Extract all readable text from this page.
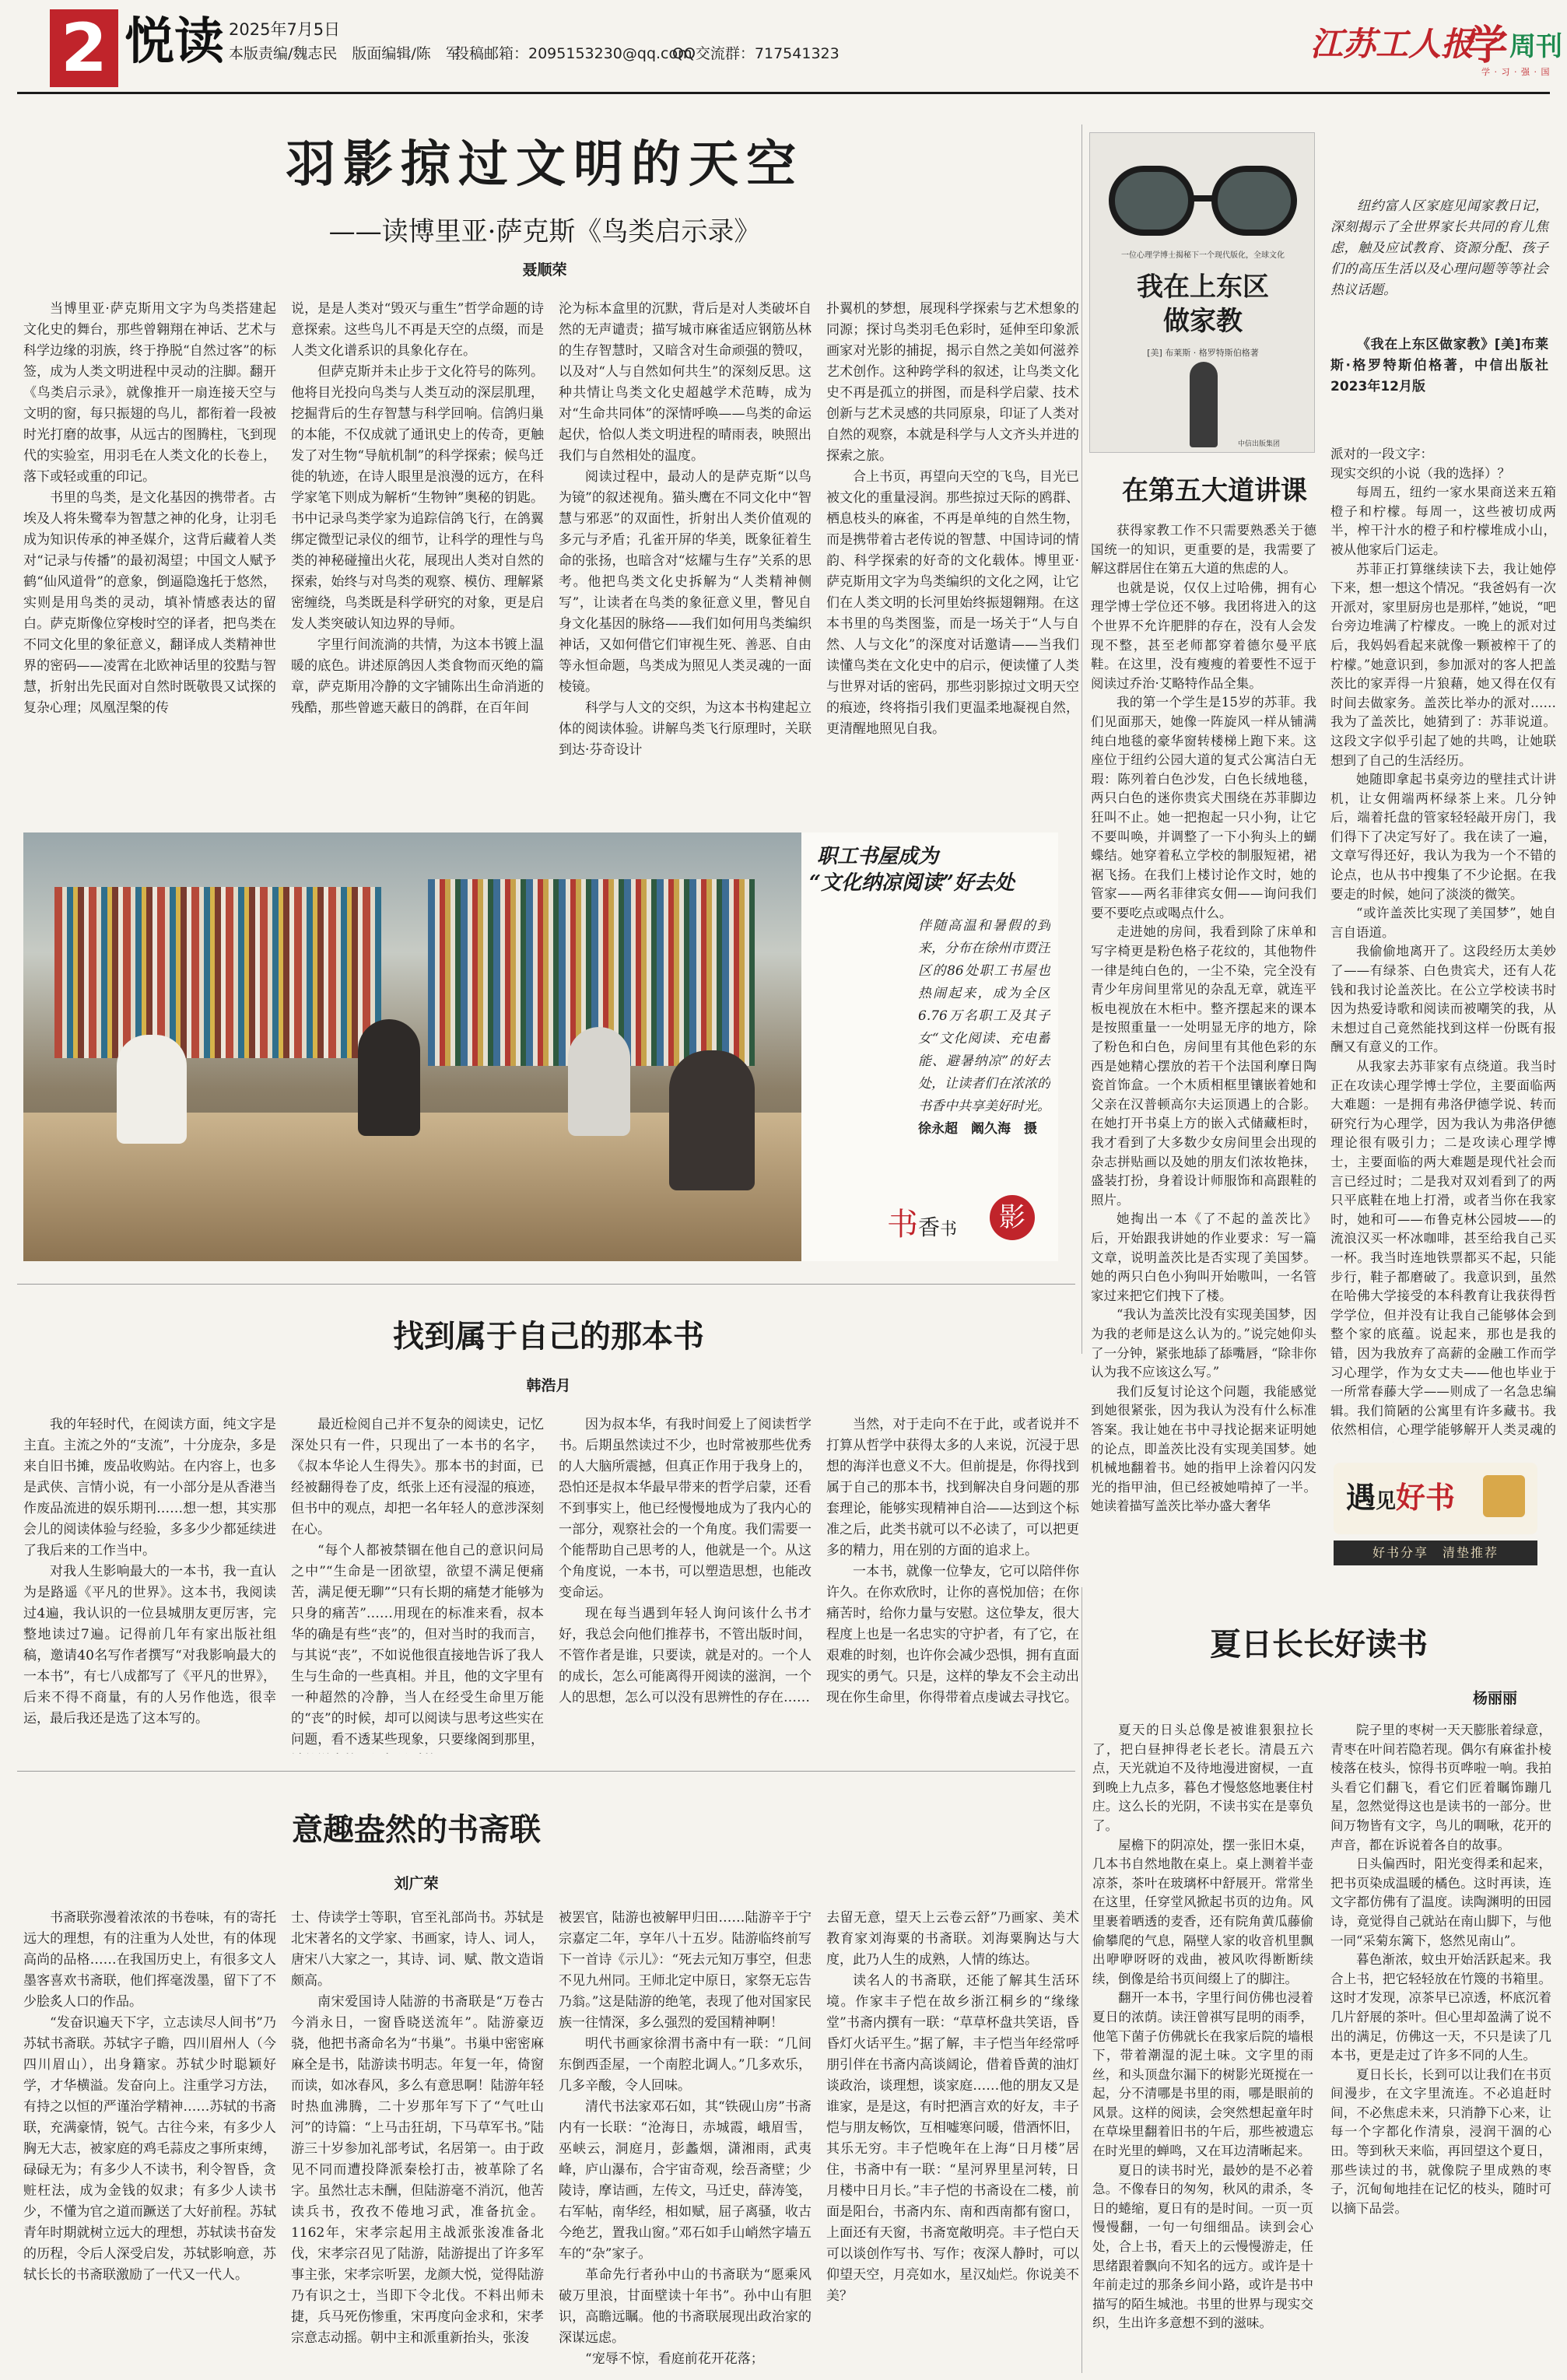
2 悦读 2025年7月5日
本版责编/魏志民　版面编辑/陈　军
投稿邮箱：2095153230@qq.com
QQ交流群：717541323	江苏工人报
学 周刊
学 · 习 · 强 · 国
羽影掠过文明的天空
——读博里亚·萨克斯《鸟类启示录》
聂顺荣

当博里亚·萨克斯用文字为鸟类搭建起文化史的舞台，那些曾翱翔在神话、艺术与科学边缘的羽族，终于挣脱“自然过客”的标签，成为人类文明进程中灵动的注脚。翻开《鸟类启示录》，就像推开一扇连接天空与文明的窗，每只振翅的鸟儿，都衔着一段被时光打磨的故事，从远古的图腾柱，飞到现代的实验室，用羽毛在人类文化的长卷上，落下或轻或重的印记。

书里的鸟类，是文化基因的携带者。古埃及人将朱鹭奉为智慧之神的化身，让羽毛成为知识传承的神圣媒介，这背后藏着人类对“记录与传播”的最初渴望；中国文人赋予鹤“仙风道骨”的意象，倒逼隐逸托于悠然，实则是用鸟类的灵动，填补情感表达的留白。萨克斯像位穿梭时空的译者，把鸟类在不同文化里的象征意义，翻译成人类精神世界的密码——凌霄在北欧神话里的狡黠与智慧，折射出先民面对自然时既敬畏又试探的复杂心理；凤凰涅槃的传

说，是是人类对“毁灭与重生”哲学命题的诗意探索。这些鸟儿不再是天空的点缀，而是人类文化谱系识的具象化存在。

但萨克斯并未止步于文化符号的陈列。他将目光投向鸟类与人类互动的深层肌理，挖掘背后的生存智慧与科学回响。信鸽归巢的本能，不仅成就了通讯史上的传奇，更触发了对生物“导航机制”的科学探索；候鸟迁徙的轨迹，在诗人眼里是浪漫的远方，在科学家笔下则成为解析“生物钟”奥秘的钥匙。书中记录鸟类学家为追踪信鸽飞行，在鸽翼绑定微型记录仪的细节，让科学的理性与鸟类的神秘碰撞出火花，展现出人类对自然的探索，始终与对鸟类的观察、模仿、理解紧密缠绕，鸟类既是科学研究的对象，更是启发人类突破认知边界的导师。

字里行间流淌的共情，为这本书镀上温暖的底色。讲述原鸽因人类食物而灭绝的篇章，萨克斯用冷静的文字铺陈出生命消逝的残酷，那些曾遮天蔽日的鸽群，在百年间

沦为标本盒里的沉默，背后是对人类破坏自然的无声谴责；描写城市麻雀适应钢筋丛林的生存智慧时，又暗含对生命顽强的赞叹，以及对“人与自然如何共生”的深刻反思。这种共情让鸟类文化史超越学术范畴，成为对“生命共同体”的深情呼唤——鸟类的命运起伏，恰似人类文明进程的晴雨表，映照出我们与自然相处的温度。

阅读过程中，最动人的是萨克斯“以鸟为镜”的叙述视角。猫头鹰在不同文化中“智慧与邪恶”的双面性，折射出人类价值观的多元与矛盾；孔雀开屏的华美，既象征着生命的张扬，也暗含对“炫耀与生存”关系的思考。他把鸟类文化史拆解为“人类精神侧写”，让读者在鸟类的象征意义里，瞥见自身文化基因的脉络——我们如何用鸟类编织神话，又如何借它们审视生死、善恶、自由等永恒命题，鸟类成为照见人类灵魂的一面棱镜。

科学与人文的交织，为这本书构建起立体的阅读体验。讲解鸟类飞行原理时，关联到达·芬奇设计

扑翼机的梦想，展现科学探索与艺术想象的同源；探讨鸟类羽毛色彩时，延伸至印象派画家对光影的捕捉，揭示自然之美如何滋养艺术创作。这种跨学科的叙述，让鸟类文化史不再是孤立的拼图，而是科学启蒙、技术创新与艺术灵感的共同原泉，印证了人类对自然的观察，本就是科学与人文齐头并进的探索之旅。

合上书页，再望向天空的飞鸟，目光已被文化的重量浸润。那些掠过天际的鸥群、栖息枝头的麻雀，不再是单纯的自然生物，而是携带着古老传说的智慧、中国诗词的情韵、科学探索的好奇的文化载体。博里亚·萨克斯用文字为鸟类编织的文化之网，让它们在人类文明的长河里始终振翅翱翔。在这本书里的鸟类图鉴，而是一场关于“人与自然、人与文化”的深度对话邀请——当我们读懂鸟类在文化史中的启示，便读懂了人类与世界对话的密码，那些羽影掠过文明天空的痕迹，终将指引我们更温柔地凝视自然，更清醒地照见自我。

职工书屋成为
“文化纳凉阅读”好去处
伴随高温和暑假的到来，分布在徐州市贾汪区的86处职工书屋也热闹起来，成为全区6.76万名职工及其子女“文化阅读、充电蓄能、避暑纳凉”的好去处，让读者们在浓浓的书香中共享美好时光。
徐永超　阚久海　摄
书香书	影
一位心理学博士揭秘下一个现代版化，全球文化
我在上东区
做家教
[美] 布莱斯 · 格罗特斯伯格著
中信出版集团
纽约富人区家庭见闻家教日记，深刻揭示了全世界家长共同的育儿焦虑，触及应试教育、资源分配、孩子们的高压生活以及心理问题等等社会热议话题。
《我在上东区做家教》[美]布莱斯·格罗特斯伯格著，中信出版社2023年12月版
在第五大道讲课

获得家教工作不只需要熟悉关于德国统一的知识，更重要的是，我需要了解这群居住在第五大道的焦虑的人。

也就是说，仅仅上过哈佛，拥有心理学博士学位还不够。我团将进入的这个世界不允许肥胖的存在，没有人会发现不整，甚至老师都穿着德尔曼平底鞋。在这里，没有瘦瘦的着要性不逗于阅读过乔治·艾略特作品全集。

我的第一个学生是15岁的苏菲。我们见面那天，她像一阵旋风一样从铺满纯白地毯的豪华窗转楼梯上跑下来。这座位于纽约公园大道的复式公寓洁白无瑕：陈列着白色沙发，白色长绒地毯，两只白色的迷你贵宾犬围绕在苏菲脚边狂叫不止。她一把抱起一只小狗，让它不要叫唤，并调整了一下小狗头上的蝴蝶结。她穿着私立学校的制服短裙，裙裾飞扬。在我们上楼讨论作文时，她的管家——两名菲律宾女佣——询问我们要不要吃点或喝点什么。

走进她的房间，我看到除了床单和写字椅更是粉色格子花纹的，其他物件一律是纯白色的，一尘不染，完全没有青少年房间里常见的杂乱无章，就连平板电视放在木柜中。整齐摆起来的课本是按照重量一一处明显无序的地方，除了粉色和白色，房间里有其他色彩的东西是她精心摆放的若干个法国利摩日陶瓷首饰盒。一个木质相框里镶嵌着她和父亲在汉普顿高尔夫运顶遇上的合影。在她打开书桌上方的嵌入式储藏柜时，我才看到了大多数少女房间里会出现的杂志拼贴画以及她的朋友们浓妆艳抹，盛装打扮，身着设计师服饰和高跟鞋的照片。

她掏出一本《了不起的盖茨比》后，开始跟我讲她的作业要求：写一篇文章，说明盖茨比是否实现了美国梦。她的两只白色小狗叫开始嗷叫，一名管家过来把它们拽下了楼。

“我认为盖茨比没有实现美国梦，因为我的老师是这么认为的。”说完她仰头了一分钟，紧张地舔了舔嘴唇，“除非你认为我不应该这么写。”

我们反复讨论这个问题，我能感觉到她很紧张，因为我认为没有什么标准答案。我让她在书中寻找论据来证明她的论点，即盖茨比没有实现美国梦。她机械地翻着书。她的指甲上涂着闪闪发光的指甲油，但已经被她啃掉了一半。她读着描写盖茨比举办盛大奢华

派对的一段文字：

现实交织的小说（我的选择）？

每周五，纽约一家水果商送来五箱橙子和柠檬。每周一，这些被切成两半，榨干汁水的橙子和柠檬堆成小山，被从他家后门运走。

苏菲正打算继续读下去，我让她停下来，想一想这个情况。“我爸妈有一次开派对，家里厨房也是那样，”她说，“吧台旁边堆满了柠檬皮。一晚上的派对过后，我妈妈看起来就像一颗被榨干了的柠檬。”她意识到，参加派对的客人把盖茨比的家弄得一片狼藉，她又得在仅有时间去做家务。盖茨比举办的派对……我为了盖茨比，她猜到了：苏菲说道。这段文字似乎引起了她的共鸣，让她联想到了自己的生活经历。

她随即拿起书桌旁边的壁挂式计讲机，让女佣端两杯绿茶上来。几分钟后，端着托盘的管家轻轻敲开房门，我们得下了决定写好了。我在读了一遍，文章写得还好，我认为我为一个不错的论点，也从书中搜集了不少论据。在我要走的时候，她问了淡淡的微笑。

“或许盖茨比实现了美国梦”，她自言自语道。

我偷偷地离开了。这段经历太美妙了——有绿茶、白色贵宾犬，还有人花钱和我讨论盖茨比。在公立学校读书时因为热爱诗歌和阅读而被嘲笑的我，从未想过自己竟然能找到这样一份既有报酬又有意义的工作。

从我家去苏菲家有点绕道。我当时正在攻读心理学博士学位，主要面临两大难题：一是拥有弗洛伊德学说、转而研究行为心理学，因为我认为弗洛伊德理论很有吸引力；二是攻读心理学博士，主要面临的两大难题是现代社会而言已经过时；二是我对双刘看到了的两只平底鞋在地上打滑，或者当你在我家时，她和可——布鲁克林公园坡——的流浪汉买一杯冰咖啡，甚至给我自己买一杯。我当时连地铁票都买不起，只能步行，鞋子都磨破了。我意识到，虽然在哈佛大学接受的本科教育让我获得哲学学位，但并没有让我自己能够体会到整个家的底蕴。说起来，那也是我的错，因为我放弃了高薪的金融工作而学习心理学，作为女丈夫——他也毕业于一所常春藤大学——则成了一名急忠编辑。我们简陋的公寓里有许多藏书。我依然相信，心理学能够解开人类灵魂的

遇见好书
好书分享　清垫推荐
找到属于自己的那本书
韩浩月

我的年轻时代，在阅读方面，纯文字是主直。主流之外的“支流”，十分庞杂，多是来自旧书摊，废品收购站。在内容上，也多是武侠、言情小说，有一小部分是从香港当作废品流进的娱乐期刊……想一想，其实那会儿的阅读体验与经验，多多少少都延续进了我后来的工作当中。

对我人生影响最大的一本书，我一直认为是路遥《平凡的世界》。这本书，我阅读过4遍，我认识的一位县城朋友更厉害，完整地读过7遍。记得前几年有家出版社组稿，邀请40名写作者撰写“对我影响最大的一本书”，有七八成都写了《平凡的世界》，后来不得不商量，有的人另作他选，很幸运，最后我还是选了这本写的。

最近检阅自己并不复杂的阅读史，记忆深处只有一件，只现出了一本书的名字，《叔本华论人生得失》。那本书的封面，已经被翻得卷了皮，纸张上还有浸湿的痕迹，但书中的观点，却把一名年轻人的意涉深刻在心。

“每个人都被禁锢在他自己的意识问局之中”“生命是一团欲望，欲望不满足便痛苦，满足便无聊”“只有长期的痛楚才能够为只身的痛苦”……用现在的标准来看，叔本华的确是有些“丧”的，但对当时的我而言，与其说“丧”，不如说他很直接地告诉了我人生与生命的一些真相。并且，他的文字里有一种超然的冷静，当人在经受生命里万能的“丧”的时候，却可以阅读与思考这些实在问题，看不透某些现象，只要缘阁到那里，

因为叔本华，有我时间爱上了阅读哲学书。后期虽然读过不少，也时常被那些优秀的人大脑所震撼，但真正作用于我身上的，恐怕还是叔本华最早带来的哲学启蒙，还看不到事实上，他已经慢慢地成为了我内心的一部分，观察社会的一个角度。我们需要一个能帮助自己思考的人，他就是一个。从这个角度说，一本书，可以塑造思想，也能改变命运。

现在每当遇到年轻人询问该什么书才好，我总会向他们推荐书，不管出版时间，不管作者是谁，只要读，就是对的。一个人的成长，怎么可能离得开阅读的滋润，一个人的思想，怎么可以没有思辨性的存在……

当然，对于走向不在于此，或者说并不打算从哲学中获得太多的人来说，沉浸于思想的海洋也意义不大。但前提是，你得找到属于自己的那本书，找到解决自身问题的那套理论，能够实现精神自洽——达到这个标准之后，此类书就可以不必读了，可以把更多的精力，用在别的方面的追求上。

一本书，就像一位挚友，它可以陪伴你许久。在你欢欣时，让你的喜悦加倍；在你痛苦时，给你力量与安慰。这位挚友，很大程度上也是一名忠实的守护者，有了它，在艰难的时刻，也许你会减少恐惧，拥有直面现实的勇气。只是，这样的挚友不会主动出现在你生命里，你得带着点虔诚去寻找它。

意趣盎然的书斋联
刘广荣

书斋联弥漫着浓浓的书卷味，有的寄托远大的理想，有的注重为人处世，有的体现高尚的品格……在我国历史上，有很多文人墨客喜欢书斋联，他们挥毫泼墨，留下了不少脍炙人口的作品。

“发奋识遍天下字，立志读尽人间书”乃苏轼书斋联。苏轼字子瞻，四川眉州人（今四川眉山），出身籍家。苏轼少时聪颖好学，才华横溢。发奋向上。注重学习方法，有持之以恒的严谨治学精神……苏轼的书斋联，充满豪情，锐气。古往今来，有多少人胸无大志，被家庭的鸡毛蒜皮之事所束缚，碌碌无为；有多少人不读书，利令智昏，贪赃枉法，成为金钱的奴隶；有多少人读书少，不懂为官之道而蹶送了大好前程。苏轼青年时期就树立远大的理想，苏轼读书奋发的历程，令后人深受启发，苏轼影响意，苏轼长长的书斋联激励了一代又一代人。

士、侍读学士等职，官至礼部尚书。苏轼是北宋著名的文学家、书画家，诗人、词人，唐宋八大家之一，其诗、词、赋、散文造诣颇高。

南宋爱国诗人陆游的书斋联是“万卷古今消永日，一窗昏晓送流年”。陆游豪迈骁，他把书斋命名为“书巢”。书巢中密密麻麻全是书，陆游读书明志。年复一年，倚窗而读，如冰春风，多么有意思啊！陆游年轻时热血沸腾，二十岁那年写下了“气吐山河”的诗篇：“上马击狂胡，下马草军书。”陆游三十岁参加礼部考试，名居第一。由于政见不同而遭投降派秦桧打击，被革除了名字。虽然壮志未酬，但陆游毫不消沉，他苦读兵书，孜孜不倦地习武，准备抗金。1162年，宋孝宗起用主战派张浚准备北伐，宋孝宗召见了陆游，陆游提出了许多军事主张，宋孝宗听罢，龙颜大悦，觉得陆游乃有识之士，当即下令北伐。不料出师未捷，兵马死伤惨重，宋再度向金求和，宋孝宗意志动摇。朝中主和派重新抬头，张浚

被罢官，陆游也被解甲归田……陆游辛于宁宗嘉定二年，享年八十五岁。陆游临终前写下一首诗《示儿》：“死去元知万事空，但悲不见九州同。王师北定中原日，家祭无忘告乃翁。”这是陆游的绝笔，表现了他对国家民族一往情深，多么强烈的爱国精神啊！

明代书画家徐渭书斋中有一联：“几间东倒西歪屋，一个南腔北调人。”几多欢乐，几多辛酸，令人回味。

清代书法家邓石如，其“铁砚山房”书斋内有一长联：“沧海日，赤城霞，峨眉雪，巫峡云，洞庭月，彭蠡烟，潇湘雨，武夷峰，庐山瀑布，合宇宙奇观，绘吾斋壁；少陵诗，摩诘画，左传文，马迁史，薛涛笺，右军帖，南华经，相如赋，屈子离骚，收古今绝艺，置我山窗。”邓石如手山峭然字墙五车的“杂”家子。

革命先行者孙中山的书斋联为“愿乘风破万里浪，甘面壁读十年书”。孙中山有胆识，高瞻远瞩。他的书斋联展现出政治家的深谋远虑。

“宠辱不惊，看庭前花开花落；

去留无意，望天上云卷云舒”乃画家、美术教育家刘海粟的书斋联。刘海粟胸达与大度，此乃人生的成熟，人情的练达。

读名人的书斋联，还能了解其生活环境。作家丰子恺在故乡浙江桐乡的“缘缘堂”书斋内撰有一联：“草草杯盘共笑语，昏昏灯火话平生。”据了解，丰子恺当年经常呼朋引伴在书斋内高谈阔论，借着昏黄的油灯谈政治，谈理想，谈家庭……他的朋友又是谁家，是是这，有时把酒言欢的好友，丰子恺与朋友畅饮，互相嘘寒问暖，借酒怀旧，其乐无穷。丰子恺晚年在上海“日月楼”居住，书斋中有一联：“星河界里星河转，日月楼中日月长。”丰子恺的书斋设在二楼，前面是阳台，书斋内东、南和西南都有窗口，上面还有天窗，书斋宽敞明亮。丰子恺白天可以谈创作写书、写作；夜深人静时，可以仰望天空，月亮如水，星汉灿烂。你说美不美？

夏日长长好读书
杨丽丽

夏天的日头总像是被谁狠狠拉长了，把白昼抻得老长老长。清晨五六点，天光就迫不及待地漫进窗棂，一直到晚上九点多，暮色才慢悠悠地裹住村庄。这么长的光阴，不读书实在是辜负了。

屋檐下的阴凉处，摆一张旧木桌，几本书自然地散在桌上。桌上测着半壶凉茶，茶叶在玻璃杯中舒展开。常常坐在这里，任穿堂风掀起书页的边角。风里裹着晒透的麦香，还有院角黄瓜藤偷偷攀爬的气息，隔壁人家的收音机里飘出咿咿呀呀的戏曲，被风吹得断断续续，倒像是给书页间缀上了的脚注。

翻开一本书，字里行间仿佛也浸着夏日的浓荫。读汪曾祺写昆明的雨季，他笔下菌子仿佛就长在我家后院的墙根下，带着潮湿的泥土味。文字里的雨丝，和头顶盘尔漏下的树影光斑搅在一起，分不清哪是书里的雨，哪是眼前的风景。这样的阅读，会突然想起童年时在草垛里翻着旧书的午后，那些被遗忘在时光里的蝉鸣，又在耳边清晰起来。

夏日的读书时光，最妙的是不必着急。不像春日的匆匆，秋风的肃杀，冬日的蜷缩，夏日有的是时间。一页一页慢慢翻，一句一句细细品。读到会心处，合上书，看天上的云慢慢游走，任思绪跟着飘向不知名的远方。或许是十年前走过的那条乡间小路，或许是书中描写的陌生城池。书里的世界与现实交织，生出许多意想不到的滋味。

院子里的枣树一天天膨胀着绿意，青枣在叶间若隐若现。偶尔有麻雀扑棱棱落在枝头，惊得书页哗啦一响。我拍头看它们翻飞，看它们匠着瞩饰蹦几星，忽然觉得这也是读书的一部分。世间万物皆有文字，鸟儿的啁啾，花开的声音，都在诉说着各自的故事。

日头偏西时，阳光变得柔和起来，把书页染成温暖的橘色。这时再读，连文字都仿佛有了温度。读陶渊明的田园诗，竟觉得自己就站在南山脚下，与他一同“采菊东篱下，悠然见南山”。

暮色渐浓，蚊虫开始活跃起来。我合上书，把它轻轻放在竹篾的书箱里。这时才发现，凉茶早已凉透，杯底沉着几片舒展的茶叶。但心里却盈满了说不出的满足，仿佛这一天，不只是读了几本书，更是走过了许多不同的人生。

夏日长长，长到可以让我们在书页间漫步，在文字里流连。不必追赶时间，不必焦虑未来，只消静下心来，让每一个字都化作清泉，浸润干涸的心田。等到秋天来临，再回望这个夏日，那些读过的书，就像院子里成熟的枣子，沉甸甸地挂在记忆的枝头，随时可以摘下品尝。
